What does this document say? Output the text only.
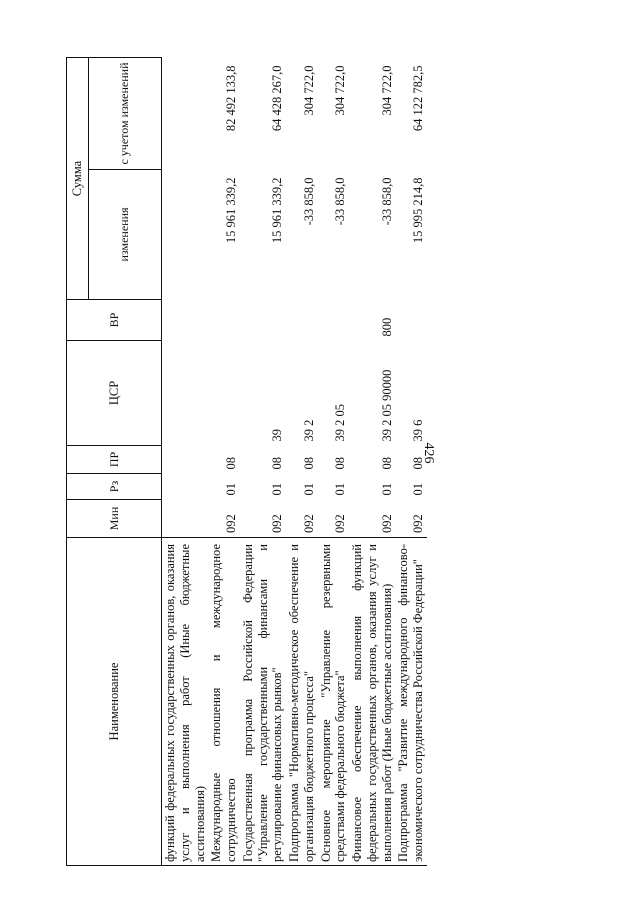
426
Наименование	Мин	Рз	ПР	ЦСР	ВР	Сумма	
						изменения	с учетом изменений
функций федеральных государственных органов, оказания услуг и выполнения работ (Иные бюджетные ассигнования)							
Международные отношения и международное сотрудничество	092	01	08			15 961 339,2	82 492 133,8
Государственная программа Российской Федерации "Управление государственными финансами и регулирование финансовых рынков"	092	01	08	39		15 961 339,2	64 428 267,0
Подпрограмма "Нормативно-методическое обеспечение и организация бюджетного процесса"	092	01	08	39 2		-33 858,0	304 722,0
Основное мероприятие "Управление резервными средствами федерального бюджета"	092	01	08	39 2 05		-33 858,0	304 722,0
Финансовое обеспечение выполнения функций федеральных государственных органов, оказания услуг и выполнения работ (Иные бюджетные ассигнования)	092	01	08	39 2 05 90000	800	-33 858,0	304 722,0
Подпрограмма "Развитие международного финансово-экономического сотрудничества Российской Федерации"	092	01	08	39 6		15 995 214,8	64 122 782,5
